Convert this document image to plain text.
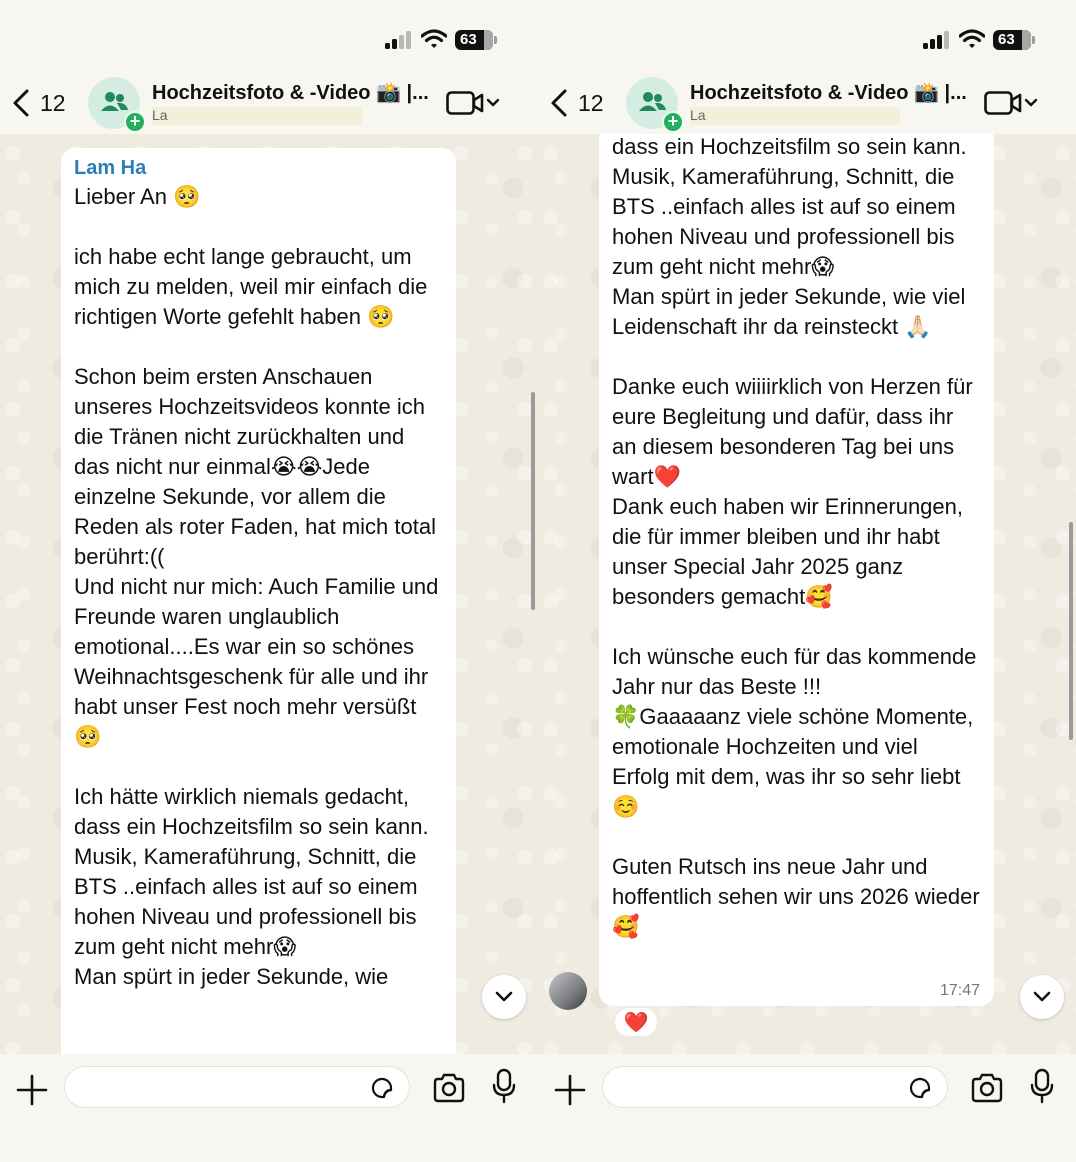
63
12
+
Hochzeitsfoto & -Video 📸 |...
La
Lam Ha
Lieber An 🥺

ich habe echt lange gebraucht, um mich zu melden, weil mir einfach die richtigen Worte gefehlt haben 🥺

Schon beim ersten Anschauen unseres Hochzeitsvideos konnte ich die Tränen nicht zurückhalten und das nicht nur einmal😭😭Jede einzelne Sekunde, vor allem die Reden als roter Faden, hat mich total berührt:((
Und nicht nur mich: Auch Familie und Freunde waren unglaublich emotional....Es war ein so schönes Weihnachtsgeschenk für alle und ihr habt unser Fest noch mehr versüßt 🥺

Ich hätte wirklich niemals gedacht, dass ein Hochzeitsfilm so sein kann. Musik, Kameraführung, Schnitt, die BTS ..einfach alles ist auf so einem hohen Niveau und professionell bis zum geht nicht mehr😱
Man spürt in jeder Sekunde, wie
63
12
+
Hochzeitsfoto & -Video 📸 |...
La
dass ein Hochzeitsfilm so sein kann. Musik, Kameraführung, Schnitt, die BTS ..einfach alles ist auf so einem hohen Niveau und professionell bis zum geht nicht mehr😱
Man spürt in jeder Sekunde, wie viel Leidenschaft ihr da reinsteckt 🙏🏻

Danke euch wiiiirklich von Herzen für eure Begleitung und dafür, dass ihr an diesem besonderen Tag bei uns wart❤️
Dank euch haben wir Erinnerungen, die für immer bleiben und ihr habt unser Special Jahr 2025 ganz besonders gemacht🥰

Ich wünsche euch für das kommende Jahr nur das Beste !!!
🍀Gaaaaanz viele schöne Momente, emotionale Hochzeiten und viel Erfolg mit dem, was ihr so sehr liebt☺️

Guten Rutsch ins neue Jahr und hoffentlich sehen wir uns 2026 wieder 🥰
17:47
❤️
